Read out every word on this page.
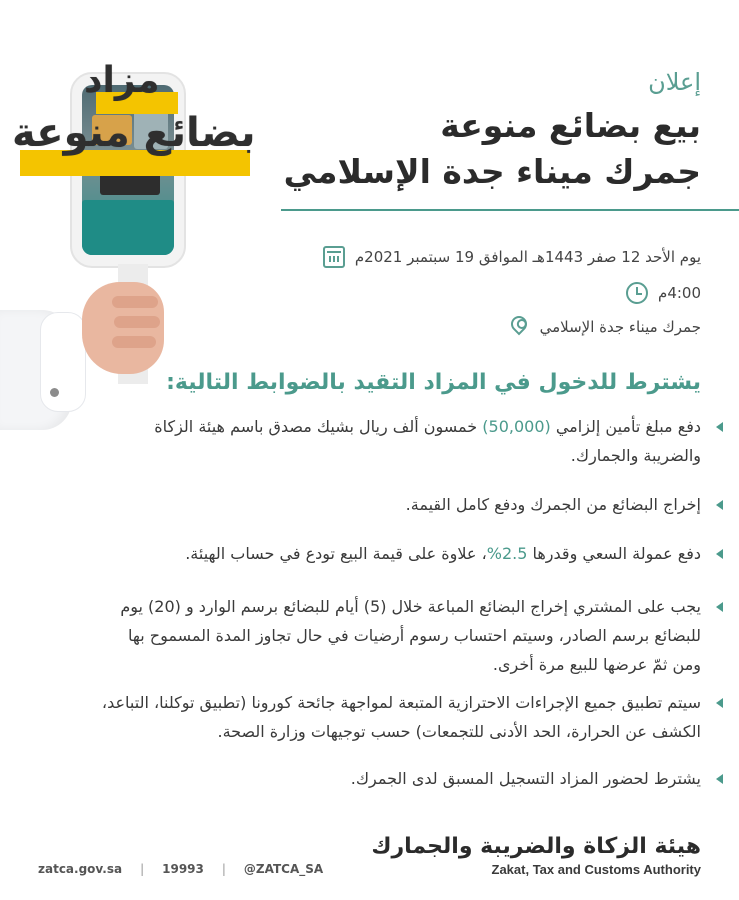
مزاد
بضائع منوعة
إعلان
بيع بضائع منوعة
جمرك ميناء جدة الإسلامي
يوم الأحد 12 صفر 1443هـ الموافق 19 سبتمبر 2021م
4:00م
جمرك ميناء جدة الإسلامي
يشترط للدخول في المزاد التقيد بالضوابط التالية:
دفع مبلغ تأمين إلزامي (50,000) خمسون ألف ريال بشيك مصدق باسم هيئة الزكاة والضريبة والجمارك.
إخراج البضائع من الجمرك ودفع كامل القيمة.
دفع عمولة السعي وقدرها 2.5%، علاوة على قيمة البيع تودع في حساب الهيئة.
يجب على المشتري إخراج البضائع المباعة خلال (5) أيام للبضائع برسم الوارد و (20) يوم للبضائع برسم الصادر، وسيتم احتساب رسوم أرضيات في حال تجاوز المدة المسموح بها ومن ثمّ عرضها للبيع مرة أخرى.
سيتم تطبيق جميع الإجراءات الاحترازية المتبعة لمواجهة جائحة كورونا (تطبيق توكلنا، التباعد، الكشف عن الحرارة، الحد الأدنى للتجمعات) حسب توجيهات وزارة الصحة.
يشترط لحضور المزاد التسجيل المسبق لدى الجمرك.
zatca.gov.sa | 19993 | @ZATCA_SA
هيئة الزكاة والضريبة والجمارك
Zakat, Tax and Customs Authority
